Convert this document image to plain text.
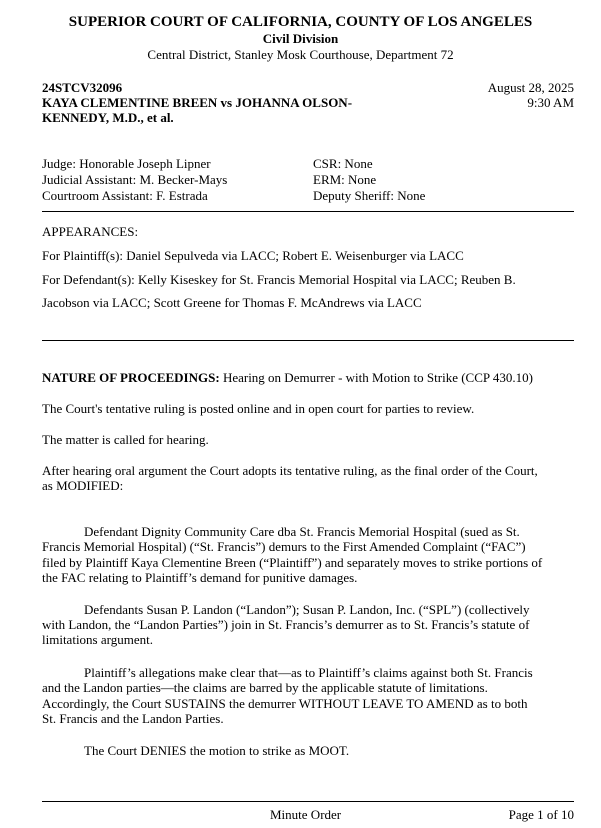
SUPERIOR COURT OF CALIFORNIA, COUNTY OF LOS ANGELES
Civil Division
Central District, Stanley Mosk Courthouse, Department 72
24STCV32096
KAYA CLEMENTINE BREEN vs JOHANNA OLSON-
KENNEDY, M.D., et al.
August 28, 2025
9:30 AM
Judge: Honorable Joseph Lipner
Judicial Assistant: M. Becker-Mays
Courtroom Assistant: F. Estrada
CSR: None
ERM: None
Deputy Sheriff: None
APPEARANCES:
For Plaintiff(s): Daniel Sepulveda via LACC; Robert E. Weisenburger via LACC
For Defendant(s): Kelly Kiseskey for St. Francis Memorial Hospital via LACC; Reuben B.
Jacobson via LACC; Scott Greene for Thomas F. McAndrews via LACC
NATURE OF PROCEEDINGS: Hearing on Demurrer - with Motion to Strike (CCP 430.10)
The Court's tentative ruling is posted online and in open court for parties to review.
The matter is called for hearing.
After hearing oral argument the Court adopts its tentative ruling, as the final order of the Court,
as MODIFIED:
Defendant Dignity Community Care dba St. Francis Memorial Hospital (sued as St.
Francis Memorial Hospital) (“St. Francis”) demurs to the First Amended Complaint (“FAC”)
filed by Plaintiff Kaya Clementine Breen (“Plaintiff”) and separately moves to strike portions of
the FAC relating to Plaintiff’s demand for punitive damages.
Defendants Susan P. Landon (“Landon”); Susan P. Landon, Inc. (“SPL”) (collectively
with Landon, the “Landon Parties”) join in St. Francis’s demurrer as to St. Francis’s statute of
limitations argument.
Plaintiff’s allegations make clear that—as to Plaintiff’s claims against both St. Francis
and the Landon parties—the claims are barred by the applicable statute of limitations.
Accordingly, the Court SUSTAINS the demurrer WITHOUT LEAVE TO AMEND as to both
St. Francis and the Landon Parties.
The Court DENIES the motion to strike as MOOT.
Minute Order	Page 1 of 10
